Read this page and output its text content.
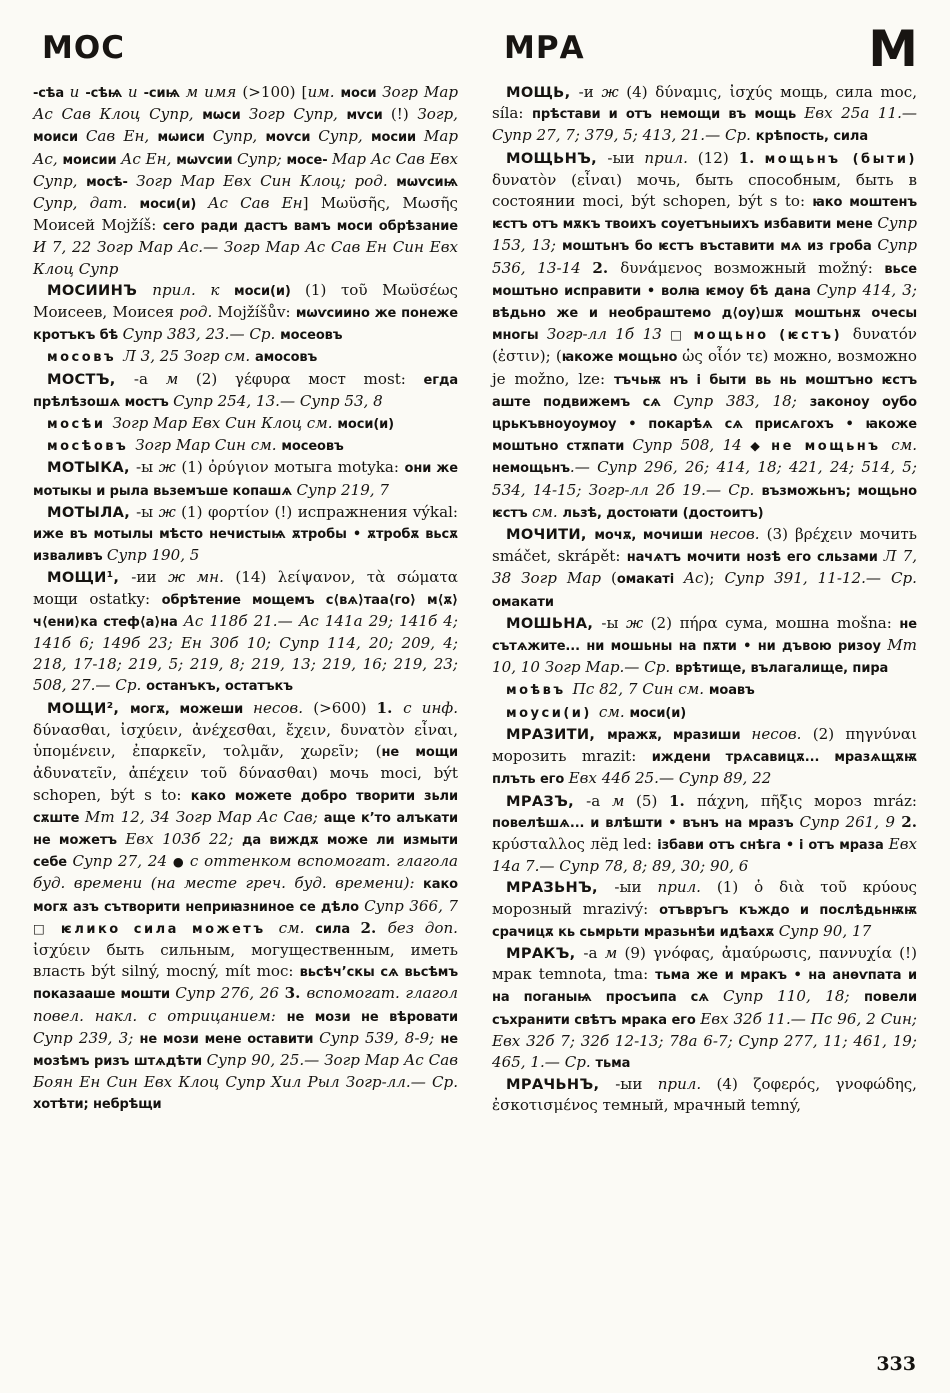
МОС	МРА	М

-сѣа и -сѣѩ и -сиѩ м имя (>100) [им. моси Зогр Мар Ас Сав Клоц Супр, мѡси Зогр Супр, мѵси (!) Зогр, моиси Сав Ен, мѡиси Супр, моѵси Супр, мосии Мар Ас, моисии Ас Ен, мѡѵсии Супр; мосе- Мар Ас Сав Евх Супр, мосѣ- Зогр Мар Евх Син Клоц; род. мѡѵсиѩ Супр, дат. моси(и) Ас Сав Ен] Μωϋσῆς, Μωσῆς Моисей Mojžíš: сего ради дастъ вамъ моси обрѣзание И 7, 22 Зогр Мар Ас.— Зогр Мар Ас Сав Ен Син Евх Клоц Супр

МОСИИНЪ прил. к моси(и) (1) τοῦ Μωϋσέως Моисеев, Моисея род. Mojžíšův: мѡѵсиино же понеже кротъкъ бѣ Супр 383, 23.— Ср. мосеовъ

мосовъ Л 3, 25 Зогр см. амосовъ

МОСТЪ, -а м (2) γέφυρα мост most: егда прѣлѣзошѧ мостъ Супр 254, 13.— Супр 53, 8

мосѣи Зогр Мар Евх Син Клоц см. моси(и)

мосѣовъ Зогр Мар Син см. мосеовъ

МОТЫКА, -ы ж (1) ὀρύγιον мотыга motyka: они же мотыкы и рыла вьземъше копашѧ Супр 219, 7

МОТЫЛА, -ы ж (1) φορτίον (!) испражнения výkal: иже въ мотылы мѣсто нечистыѩ ѫтробы • ѫтробѫ вьсѫ изваливъ Супр 190, 5

МОЩИ¹, -ии ж мн. (14) λείψανον, τὰ σώματα мощи ostatky: обрѣтение мощемъ с⟨вѧ⟩таа⟨го⟩ м⟨ѫ⟩ч⟨ени⟩ка стеф⟨а⟩на Ас 118б 21.— Ас 141а 29; 141б 4; 141б 6; 149б 23; Ен 30б 10; Супр 114, 20; 209, 4; 218, 17-18; 219, 5; 219, 8; 219, 13; 219, 16; 219, 23; 508, 27.— Ср. останъкъ, остатъкъ

МОЩИ², могѫ, можеши несов. (>600) 1. с инф. δύνασθαι, ἰσχύειν, ἀνέχεσθαι, ἔχειν, δυνατὸν εἶναι, ὑπομένειν, ἐπαρκεῖν, τολμᾶν, χωρεῖν; (не мощи ἀδυνατεῖν, ἀπέχειν τοῦ δύνασθαι) мочь moci, být schopen, být s to: како можете добро творити зьли сѫште Мт 12, 34 Зогр Мар Ас Сав; аще к’то алъкати не можетъ Евх 103б 22; да виждѫ може ли измыти себе Супр 27, 24 ● с оттенком вспомогат. глагола буд. времени (на месте греч. буд. времени): како могѫ азъ сътворити неприꙗзниное се дѣло Супр 366, 7 □ ѥлико сила можетъ см. сила 2. без доп. ἰσχύειν быть сильным, могущественным, иметь власть být silný, mocný, mít moc: вьсѣч’скы сѧ вьсѣмъ показааше мошти Супр 276, 26 3. вспомогат. глагол повел. накл. с отрицанием: не мози не вѣровати Супр 239, 3; не мози мене оставити Супр 539, 8-9; не мозѣмъ ризъ штѧдѣти Супр 90, 25.— Зогр Мар Ас Сав Боян Ен Син Евх Клоц Супр Хил Рыл Зогр-лл.— Ср. хотѣти; небрѣщи

МОЩЬ, -и ж (4) δύναμις, ἰσχύς мощь, сила moc, síla: прѣстави и отъ немощи въ мощь Евх 25а 11.— Супр 27, 7; 379, 5; 413, 21.— Ср. крѣпость, сила

МОЩЬНЪ, -ыи прил. (12) 1. мощьнъ (быти) δυνατὸν (εἶναι) мочь, быть способным, быть в состоянии moci, být schopen, být s to: ꙗко моштенъ ѥстъ отъ мѫкъ твоихъ соуетъныихъ избавити мене Супр 153, 13; моштьнъ бо ѥстъ въставити мѧ из гроба Супр 536, 13-14 2. δυνάμενος возможный možný: вьсе моштьно исправити • волꙗ ѥмоу бѣ дана Супр 414, 3; вѣдьно же и необраштемо д⟨оу⟩шѫ моштьнѫ очесы многы Зогр-лл 1б 13 □ мощьно (ѥстъ) δυνατόν (ἐστιν); (ꙗкоже мощьно ὡς οἷόν τε) можно, возможно je možno, lze: тъчьѭ нъ і быти вь нь моштъно ѥстъ аште подвижемъ сѧ Супр 383, 18; законоу оубо црькъвноуоумоу • покарѣѧ сѧ присѧгохъ • ꙗкоже моштьно стѫпати Супр 508, 14 ◆ не мощьнъ см. немощьнъ.— Супр 296, 26; 414, 18; 421, 24; 514, 5; 534, 14-15; Зогр-лл 2б 19.— Ср. възможьнъ; мощьно ѥстъ см. льзѣ, достоꙗти (достоитъ)

МОЧИТИ, мочѫ, мочиши несов. (3) βρέχειν мочить smáčet, skrápět: начѧтъ мочити нозѣ его сльзами Л 7, 38 Зогр Мар (омакаті Ас); Супр 391, 11-12.— Ср. омакати

МОШЬНА, -ы ж (2) πήρα сума, мошна mošna: не сътѧжите... ни мошьны на пѫти • ни дъвою ризоу Мт 10, 10 Зогр Мар.— Ср. врѣтище, вълагалище, пира

моѣвъ Пс 82, 7 Син см. моавъ

моуси(и) см. моси(и)

МРАЗИТИ, мражѫ, мразиши несов. (2) πηγνύναι морозить mrazit: иждени трѧсавицѫ... мразѧщѫѭ плъть его Евх 44б 25.— Супр 89, 22

МРАЗЪ, -а м (5) 1. πάχνη, πῆξις мороз mráz: повелѣшѧ... и влѣшти • вънъ на мразъ Супр 261, 9 2. κρύσταλλος лёд led: ізбави отъ снѣга • і отъ мраза Евх 14а 7.— Супр 78, 8; 89, 30; 90, 6

МРАЗЬНЪ, -ыи прил. (1) ὁ διὰ τοῦ κρύους морозный mrazivý: отъвръгъ къждо и послѣдьнѭѭ срачицѫ кь сьмрьти мразьнѣи идѣахѫ Супр 90, 17

МРАКЪ, -а м (9) γνόφας, ἀμαύρωσις, παννυχία (!) мрак temnota, tma: тьма же и мракъ • на анѳѵпата и на поганыѩ просъипа сѧ Супр 110, 18; повели съхранити свѣтъ мрака его Евх 32б 11.— Пс 96, 2 Син; Евх 32б 7; 32б 12-13; 78а 6-7; Супр 277, 11; 461, 19; 465, 1.— Ср. тьма

МРАЧЬНЪ, -ыи прил. (4) ζοφερός, γνοφώδης, ἐσκοτισμένος темный, мрачный temný,

333
